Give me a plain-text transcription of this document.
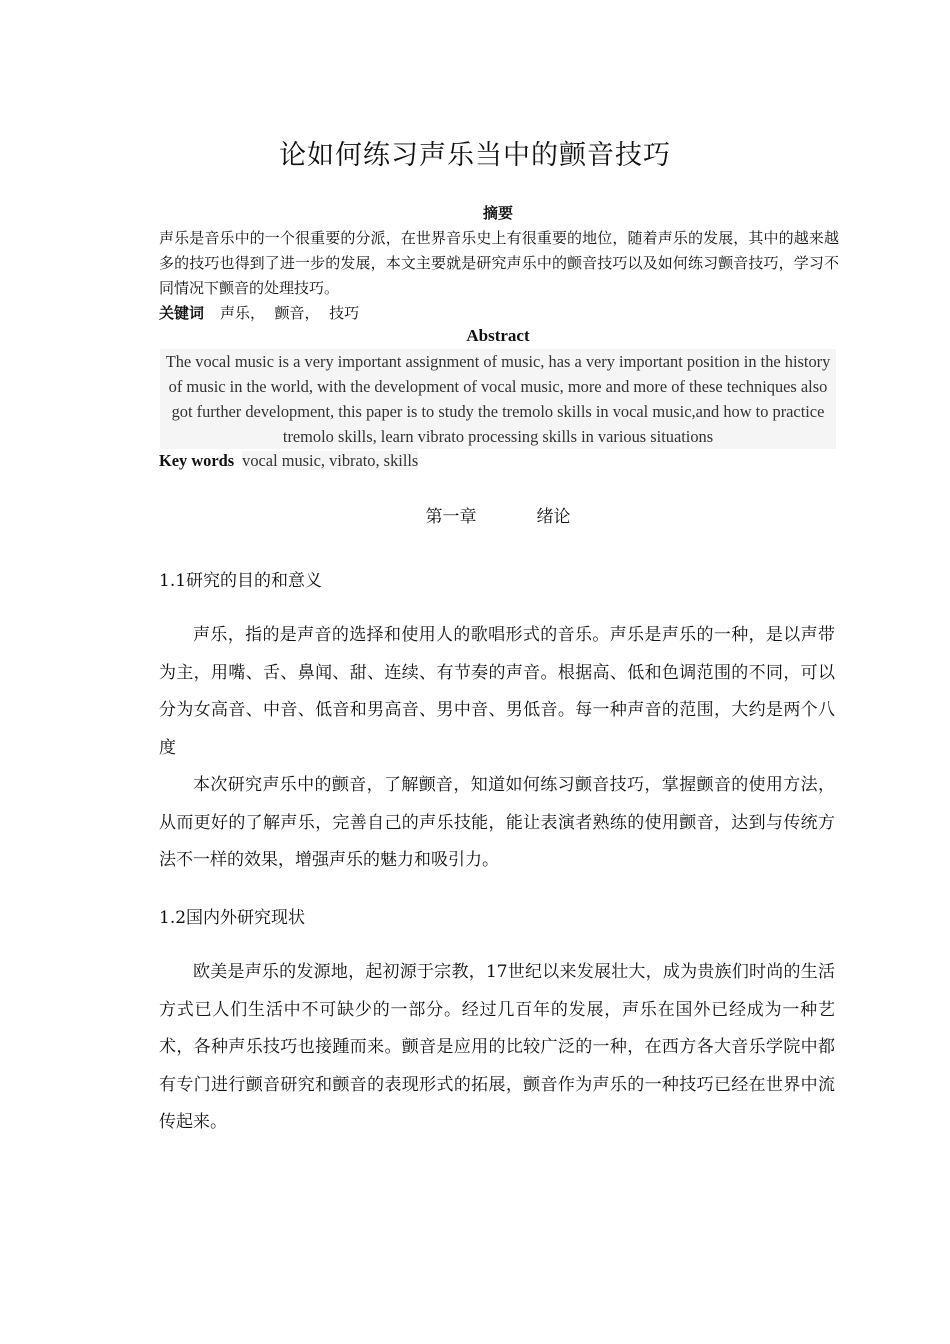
论如何练习声乐当中的颤音技巧
摘要
声乐是音乐中的一个很重要的分派，在世界音乐史上有很重要的地位，随着声乐的发展，其中的越来越多的技巧也得到了进一步的发展，本文主要就是研究声乐中的颤音技巧以及如何练习颤音技巧，学习不同情况下颤音的处理技巧。
关键词 声乐，  颤音，  技巧
Abstract
The vocal music is a very important assignment of music, has a very important position in the history of music in the world, with the development of vocal music, more and more of these techniques also got further development, this paper is to study the tremolo skills in vocal music,and how to practice tremolo skills, learn vibrato processing skills in various situations
Key words vocal music, vibrato, skills
第一章	绪论
1.1研究的目的和意义

声乐，指的是声音的选择和使用人的歌唱形式的音乐。声乐是声乐的一种，是以声带为主，用嘴、舌、鼻闻、甜、连续、有节奏的声音。根据高、低和色调范围的不同，可以分为女高音、中音、低音和男高音、男中音、男低音。每一种声音的范围，大约是两个八度

本次研究声乐中的颤音，了解颤音，知道如何练习颤音技巧，掌握颤音的使用方法，从而更好的了解声乐，完善自己的声乐技能，能让表演者熟练的使用颤音，达到与传统方法不一样的效果，增强声乐的魅力和吸引力。

1.2国内外研究现状

欧美是声乐的发源地，起初源于宗教，17世纪以来发展壮大，成为贵族们时尚的生活方式已人们生活中不可缺少的一部分。经过几百年的发展，声乐在国外已经成为一种艺术，各种声乐技巧也接踵而来。颤音是应用的比较广泛的一种，在西方各大音乐学院中都有专门进行颤音研究和颤音的表现形式的拓展，颤音作为声乐的一种技巧已经在世界中流传起来。
